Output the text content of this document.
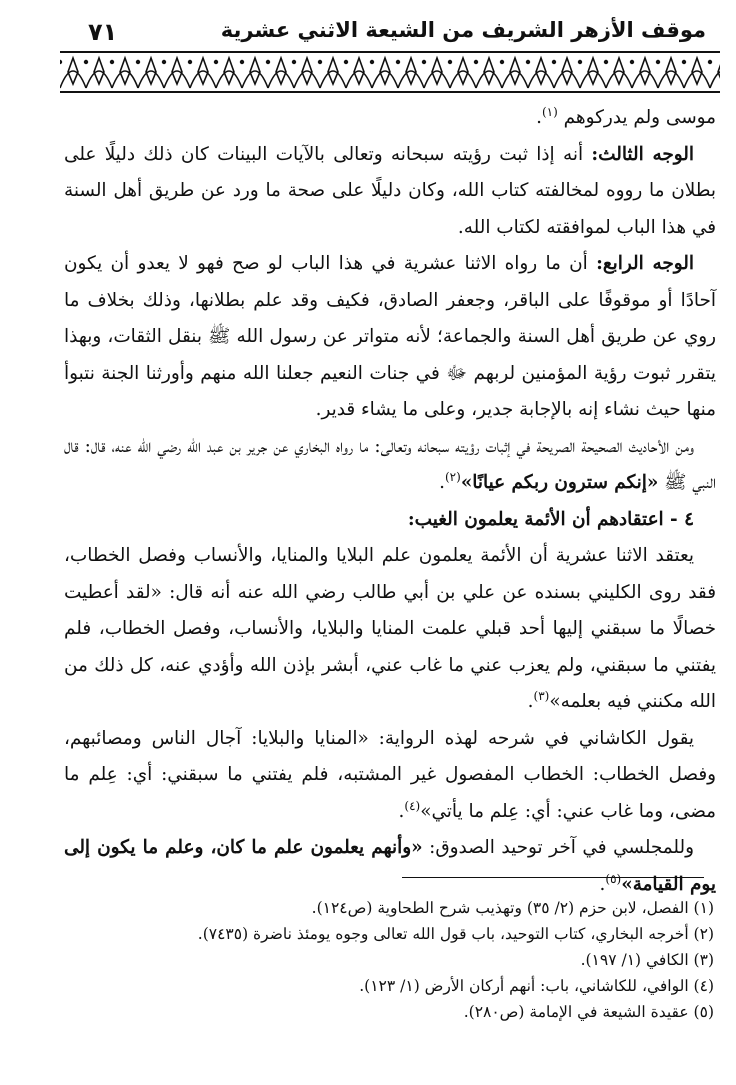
٧١	موقف الأزهر الشريف من الشيعة الاثني عشرية

موسى ولم يدركوهم $^{(١)}$.

الوجه الثالث: أنه إذا ثبت رؤيته سبحانه وتعالى بالآيات البينات كان ذلك دليلًا على بطلان ما رووه لمخالفته كتاب الله، وكان دليلًا على صحة ما ورد عن طريق أهل السنة في هذا الباب لموافقته لكتاب الله.

الوجه الرابع: أن ما رواه الاثنا عشرية في هذا الباب لو صح فهو لا يعدو أن يكون آحادًا أو موقوفًا على الباقر، وجعفر الصادق، فكيف وقد علم بطلانها، وذلك بخلاف ما روي عن طريق أهل السنة والجماعة؛ لأنه متواتر عن رسول الله ﷺ بنقل الثقات، وبهذا يتقرر ثبوت رؤية المؤمنين لربهم ﷻ في جنات النعيم جعلنا الله منهم وأورثنا الجنة نتبوأ منها حيث نشاء إنه بالإجابة جدير، وعلى ما يشاء قدير.

ومن الأحاديث الصحيحة الصريحة في إثبات رؤيته سبحانه وتعالى: ما رواه البخاري عن جرير بن عبد الله رضي الله عنه، قال: قال النبي ﷺ «إنكم سترون ربكم عيانًا»$^{(٢)}$.

٤ - اعتقادهم أن الأئمة يعلمون الغيب:

يعتقد الاثنا عشرية أن الأئمة يعلمون علم البلايا والمنايا، والأنساب وفصل الخطاب، فقد روى الكليني بسنده عن علي بن أبي طالب رضي الله عنه أنه قال: «لقد أعطيت خصالًا ما سبقني إليها أحد قبلي علمت المنايا والبلايا، والأنساب، وفصل الخطاب، فلم يفتني ما سبقني، ولم يعزب عني ما غاب عني، أبشر بإذن الله وأؤدي عنه، كل ذلك من الله مكنني فيه بعلمه»$^{(٣)}$.

يقول الكاشاني في شرحه لهذه الرواية: «المنايا والبلايا: آجال الناس ومصائبهم، وفصل الخطاب: الخطاب المفصول غير المشتبه، فلم يفتني ما سبقني: أي: عِلم ما مضى، وما غاب عني: أي: عِلم ما يأتي»$^{(٤)}$.

وللمجلسي في آخر توحيد الصدوق: «وأنهم يعلمون علم ما كان، وعلم ما يكون إلى يوم القيامة»$^{(٥)}$.

(١) الفصل، لابن حزم (٢/ ٣٥) وتهذيب شرح الطحاوية (ص١٢٤).
(٢) أخرجه البخاري، كتاب التوحيد، باب قول الله تعالى وجوه يومئذ ناضرة (٧٤٣٥).
(٣) الكافي (١/ ١٩٧).
(٤) الوافي، للكاشاني، باب: أنهم أركان الأرض (١/ ١٢٣).
(٥) عقيدة الشيعة في الإمامة (ص٢٨٠).
